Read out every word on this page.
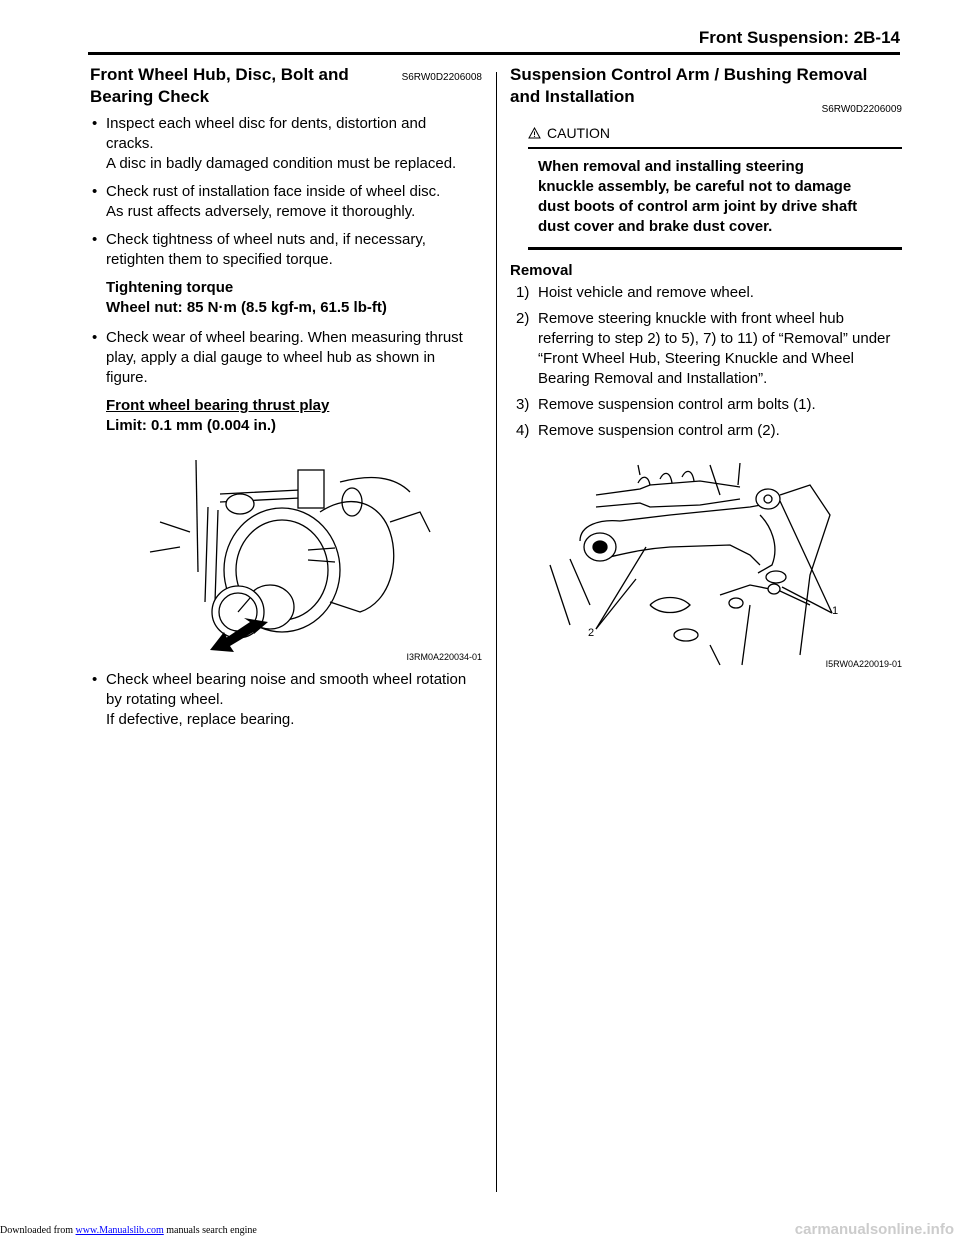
Front Suspension: 2B-14
Front Wheel Hub, Disc, Bolt and Bearing Check
S6RW0D2206008
• Inspect each wheel disc for dents, distortion and
cracks.
A disc in badly damaged condition must be replaced.
• Check rust of installation face inside of wheel disc.
As rust affects adversely, remove it thoroughly.
• Check tightness of wheel nuts and, if necessary,
retighten them to specified torque.
Tightening torque
Wheel nut: 85 N·m (8.5 kgf-m, 61.5 lb-ft)
• Check wear of wheel bearing. When measuring thrust
play, apply a dial gauge to wheel hub as shown in
figure.
Front wheel bearing thrust play
Limit: 0.1 mm (0.004 in.)
I3RM0A220034-01
• Check wheel bearing noise and smooth wheel rotation
by rotating wheel.
If defective, replace bearing.
Suspension Control Arm / Bushing Removal
and Installation
S6RW0D2206009
CAUTION
When removal and installing steering
knuckle assembly, be careful not to damage
dust boots of control arm joint by drive shaft
dust cover and brake dust cover.
Removal
1) Hoist vehicle and remove wheel.
2) Remove steering knuckle with front wheel hub
referring to step 2) to 5), 7) to 11) of “Removal” under
“Front Wheel Hub, Steering Knuckle and Wheel
Bearing Removal and Installation”.
3) Remove suspension control arm bolts (1).
4) Remove suspension control arm (2).
1
2
I5RW0A220019-01
Downloaded from www.Manualslib.com manuals search engine	carmanualsonline.info
